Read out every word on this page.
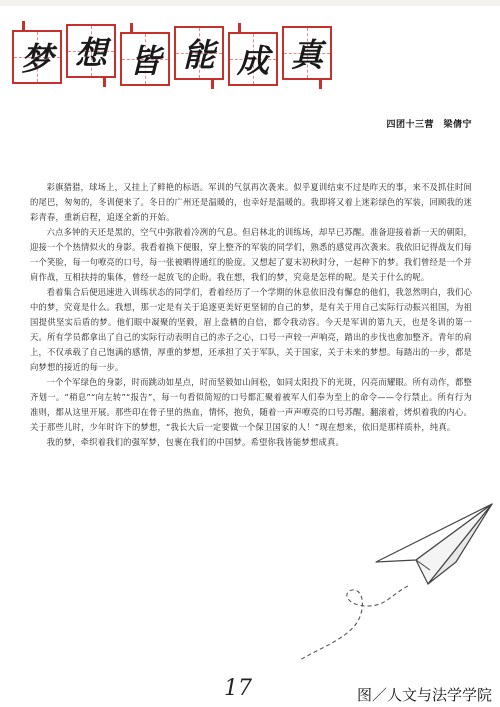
梦 想 皆 能 成 真
四团十三营　梁倩宁

彩旗猎猎，球场上，又挂上了鲜艳的标语。军训的气氛再次袭来。似乎夏训结束不过是昨天的事，来不及抓住时间的尾巴，匆匆的，冬训便来了。冬日的广州还是温暖的，也幸好是温暖的。我即将又着上迷彩绿色的军装，回顾我的迷彩青春，重新启程，追逐全新的开始。

六点多钟的天还是黑的，空气中弥散着冷冽的气息。但启林北的训练场，却早已苏醒。准备迎接着新一天的朝阳，迎接一个个热情似火的身影。我看着换下便服，穿上整齐的军装的同学们，熟悉的感觉再次袭来。我依旧记得战友们每一个笑脸，每一句嘹亮的口号，每一张被晒得通红的脸庞。又想起了夏末初秋时分，一起种下的梦。我们曾经是一个并肩作战，互相扶持的集体，曾经一起放飞的企盼。我在想，我们的梦，究竟是怎样的呢。是关于什么的呢。

看着集合后便迅速进入训练状态的同学们，看着经历了一个学期的休息依旧没有懈怠的他们，我忽然明白，我们心中的梦，究竟是什么。我想，那一定是有关于追逐更美好更坚韧的自己的梦，是有关于用自己实际行动振兴祖国，为祖国提供坚实后盾的梦。他们眼中凝聚的坚毅，眉上盘栖的自信，都令我动容。今天是军训的第九天，也是冬训的第一天。所有学员都拿出了自己的实际行动表明自己的赤子之心，口号一声较一声响亮，踏出的步伐也愈加整齐。青年的肩上，不仅承载了自己饱满的感情，厚重的梦想，还承担了关于军队，关于国家，关于未来的梦想。每踏出的一步，都是向梦想的接近的每一步。

一个个军绿色的身影，时而跳动如星点，时而坚毅如山间松，如同太阳投下的光斑，闪亮而耀眼。所有动作，都整齐划一。“稍息”“向左转”“报告”，每一句看似简短的口号都汇聚着被军人们奉为至上的命令——令行禁止。所有行为准则，都从这里开展。那些印在骨子里的热血，情怀，抱负，随着一声声嘹亮的口号苏醒。翻滚着，烤炽着我的内心。关于那些儿时，少年时许下的梦想，“我长大后一定要做一个保卫国家的人！”现在想来，依旧是那样质朴，纯真。

我的梦，牵织着我们的强军梦，包裹在我们的中国梦。希望你我皆能梦想成真。

17	图／人文与法学学院
